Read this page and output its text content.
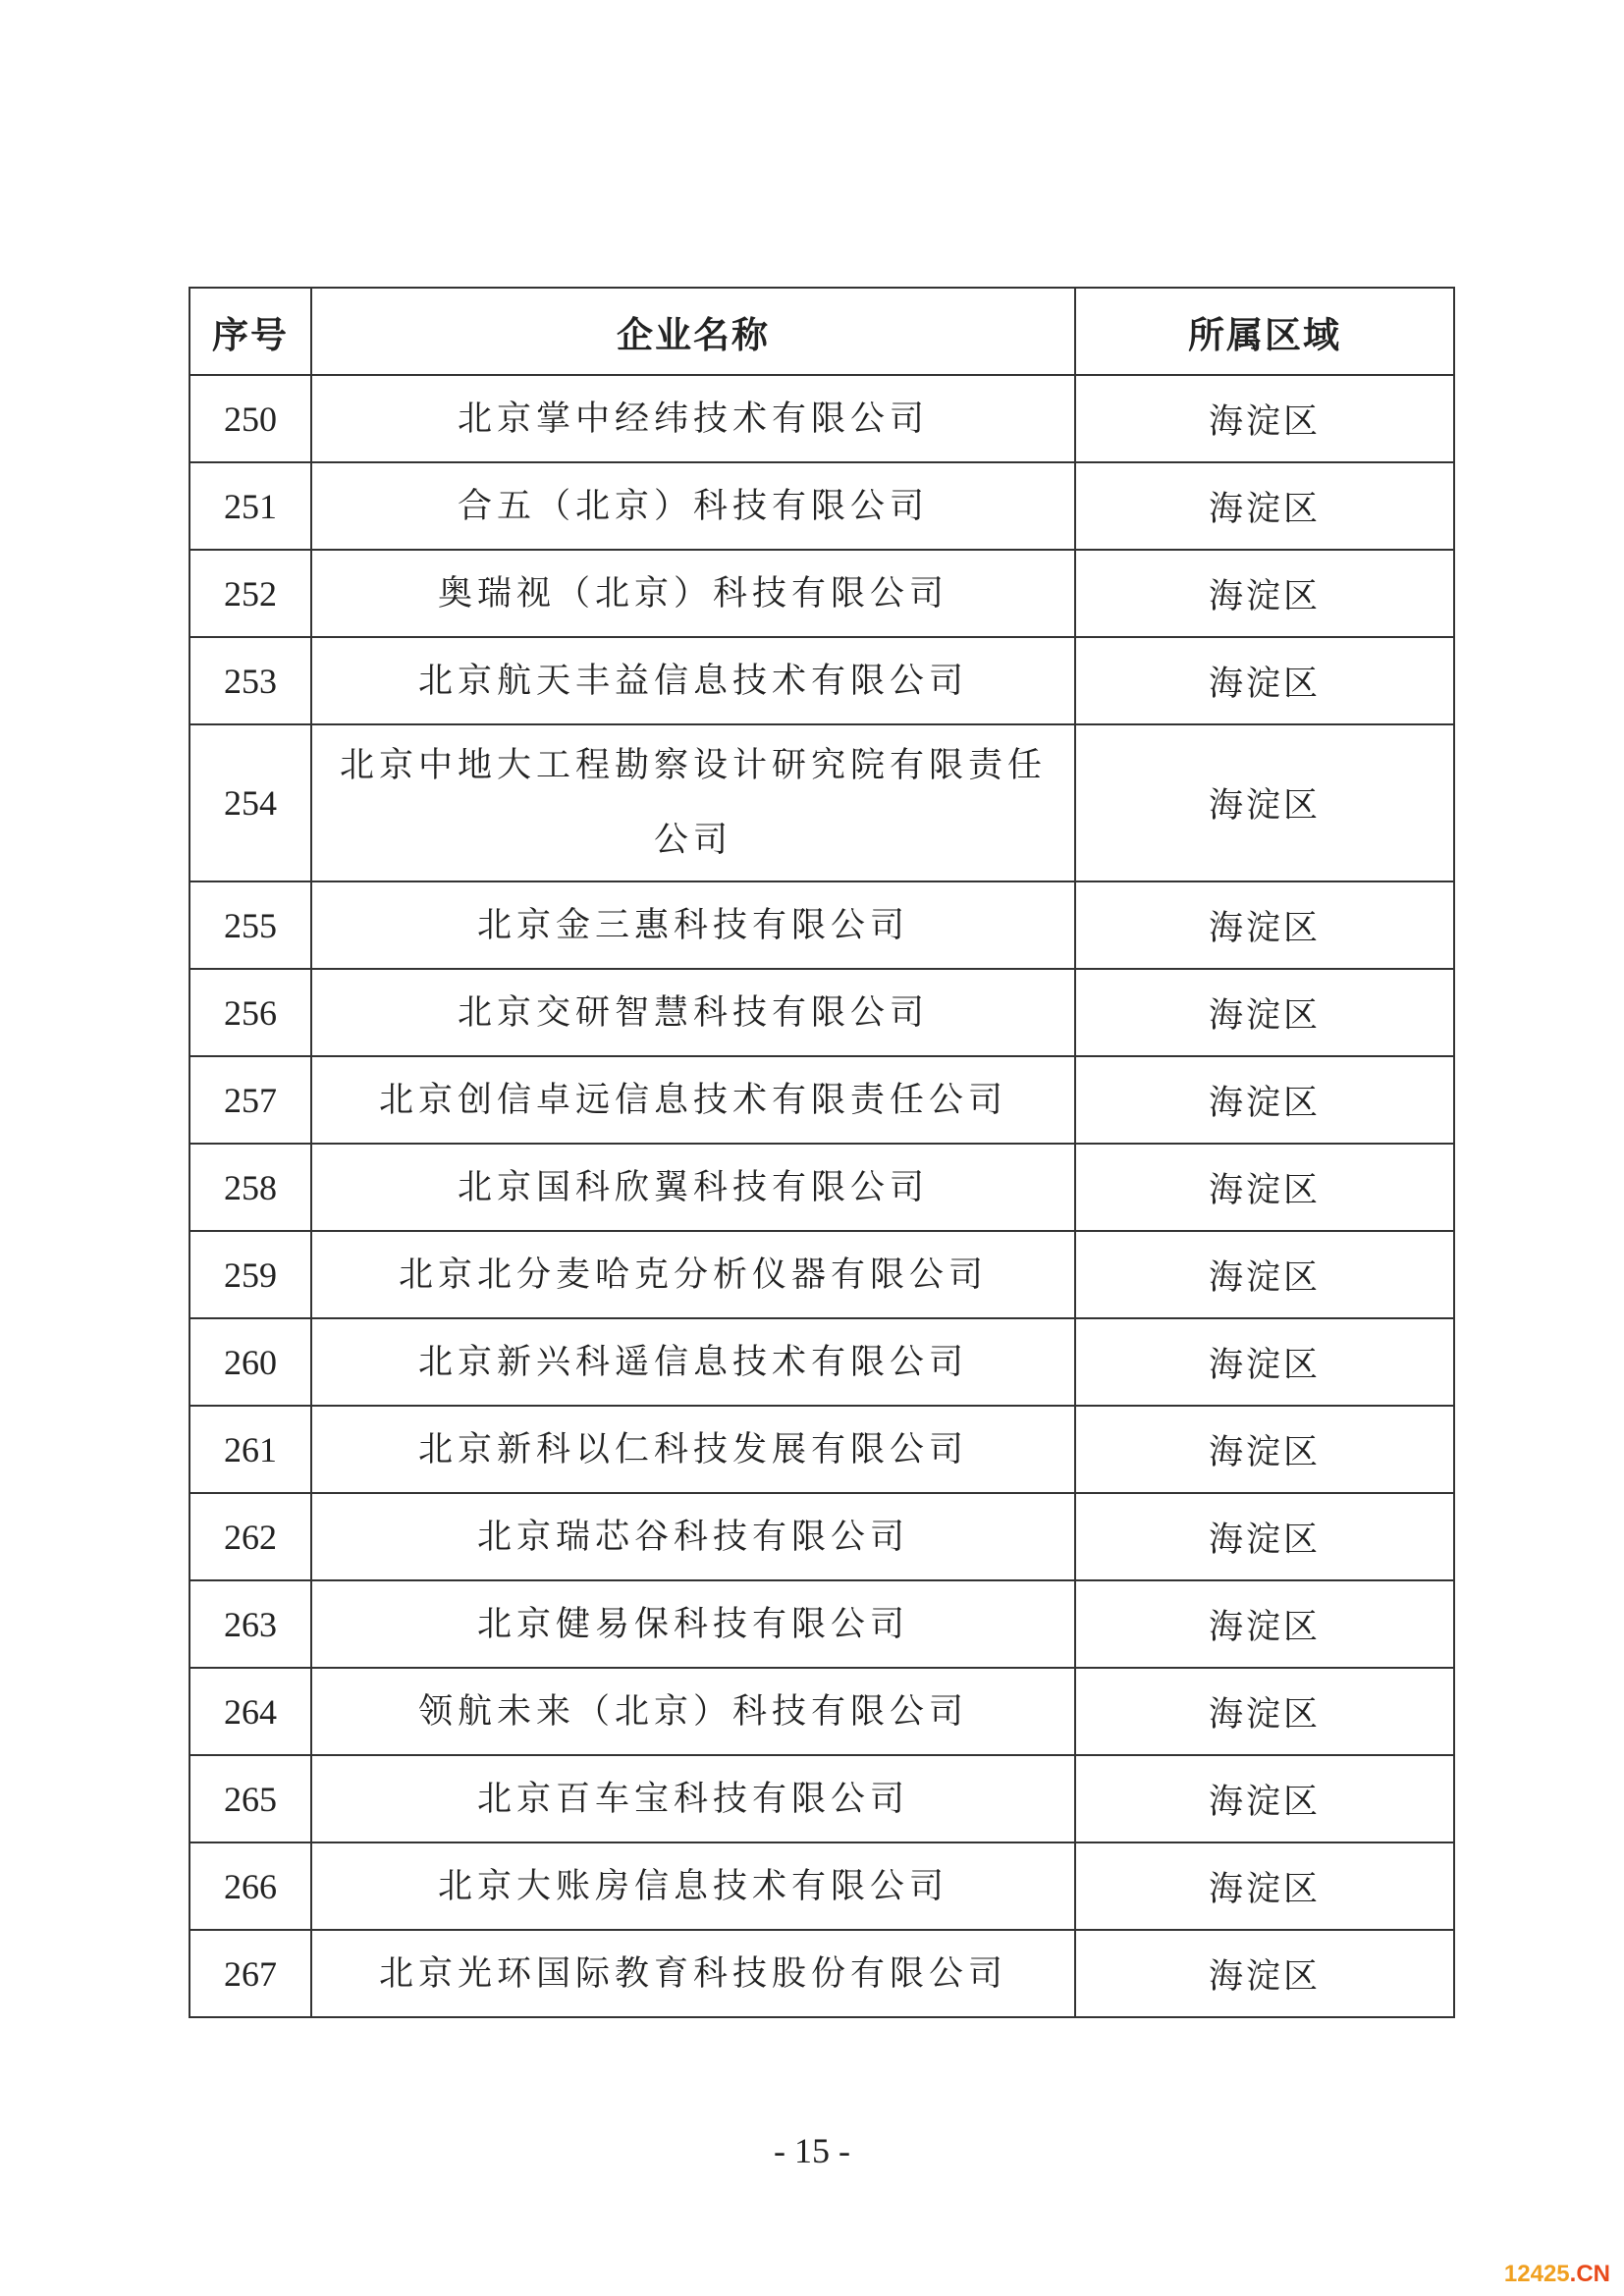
序号	企业名称	所属区域
250	北京掌中经纬技术有限公司	海淀区
251	合五（北京）科技有限公司	海淀区
252	奥瑞视（北京）科技有限公司	海淀区
253	北京航天丰益信息技术有限公司	海淀区
254	北京中地大工程勘察设计研究院有限责任公司	海淀区
255	北京金三惠科技有限公司	海淀区
256	北京交研智慧科技有限公司	海淀区
257	北京创信卓远信息技术有限责任公司	海淀区
258	北京国科欣翼科技有限公司	海淀区
259	北京北分麦哈克分析仪器有限公司	海淀区
260	北京新兴科遥信息技术有限公司	海淀区
261	北京新科以仁科技发展有限公司	海淀区
262	北京瑞芯谷科技有限公司	海淀区
263	北京健易保科技有限公司	海淀区
264	领航未来（北京）科技有限公司	海淀区
265	北京百车宝科技有限公司	海淀区
266	北京大账房信息技术有限公司	海淀区
267	北京光环国际教育科技股份有限公司	海淀区
- 15 -
12425.CN
